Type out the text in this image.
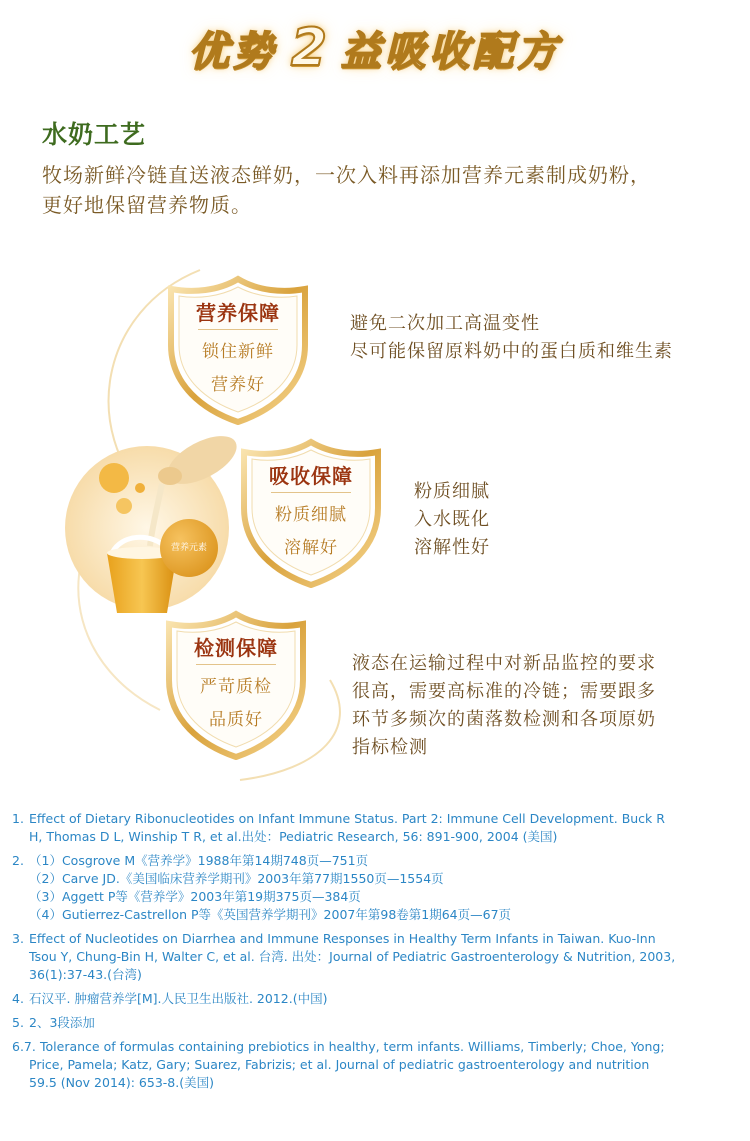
优势 2 益吸收配方
水奶工艺
牧场新鲜冷链直送液态鲜奶，一次入料再添加营养元素制成奶粉，
更好地保留营养物质。
营养保障
锁住新鲜
营养好
避免二次加工高温变性
尽可能保留原料奶中的蛋白质和维生素
营养元素
吸收保障
粉质细腻
溶解好
粉质细腻
入水既化
溶解性好
检测保障
严苛质检
品质好
液态在运输过程中对新品监控的要求
很高，需要高标准的冷链；需要跟多
环节多频次的菌落数检测和各项原奶
指标检测
1. Effect of Dietary Ribonucleotides on Infant Immune Status. Part 2: Immune Cell Development. Buck R
H, Thomas D L, Winship T R, et al.出处：Pediatric Research, 56: 891-900, 2004 (美国)
2. （1）Cosgrove M《营养学》1988年第14期748页—751页
（2）Carve JD.《美国临床营养学期刊》2003年第77期1550页—1554页
（3）Aggett P等《营养学》2003年第19期375页—384页
（4）Gutierrez-Castrellon P等《英国营养学期刊》2007年第98卷第1期64页—67页
3. Effect of Nucleotides on Diarrhea and Immune Responses in Healthy Term Infants in Taiwan. Kuo-Inn
Tsou Y, Chung-Bin H, Walter C, et al. 台湾. 出处：Journal of Pediatric Gastroenterology & Nutrition, 2003,
36(1):37-43.(台湾)
4. 石汉平. 肿瘤营养学[M].人民卫生出版社. 2012.(中国)
5. 2、3段添加
6.7. Tolerance of formulas containing prebiotics in healthy, term infants. Williams, Timberly; Choe, Yong;
Price, Pamela; Katz, Gary; Suarez, Fabrizis; et al. Journal of pediatric gastroenterology and nutrition
59.5 (Nov 2014): 653-8.(美国)
